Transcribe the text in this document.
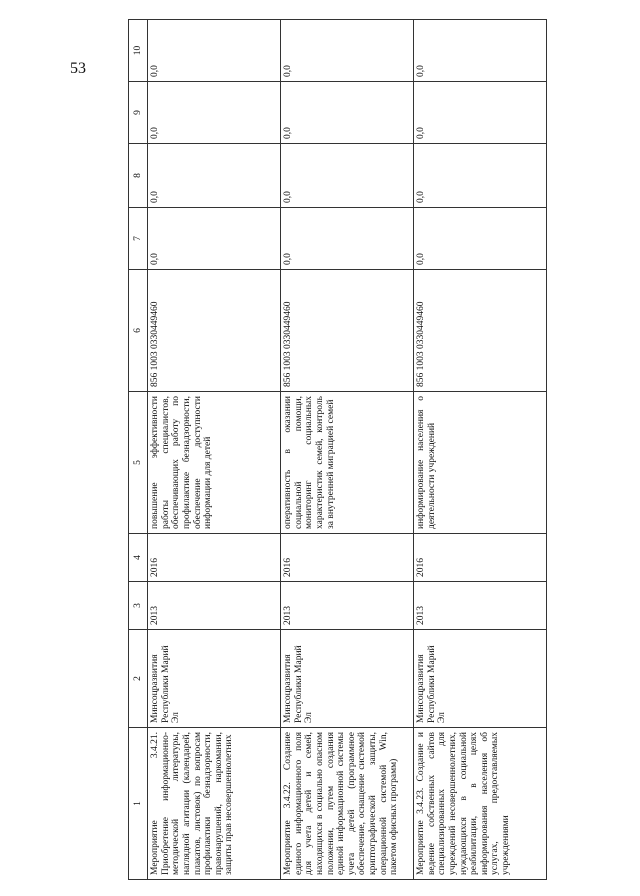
53
1	2	3	4	5	6	7	8	9	10
Мероприятие 3.4.21. Приобретение информационно-методической литературы, наглядной агитации (календарей, плакатов, листовок) по вопросам профилактики безнадзорности, правонарушений, наркомании, защиты прав несовершеннолетних	Минсоцразвития Республики Марий Эл	2013	2016	повышение эффективности работы специалистов, обеспечивающих работу по профилактике безнадзорности, обеспечение доступности информации для детей	856 1003 0330449460	0,0	0,0	0,0	0,0
Мероприятие 3.4.22. Создание единого информационного поля для учета детей и семей, находящихся в социально опасном положении, путем создания единой информационной системы учета детей (программное обеспечение, оснащение системой криптографической защиты, операционной системой Win, пакетом офисных программ)	Минсоцразвития Республики Марий Эл	2013	2016	оперативность в оказании социальной помощи, мониторинг социальных характеристик семей, контроль за внутренней миграцией семей	856 1003 0330449460	0,0	0,0	0,0	0,0
Мероприятие 3.4.23. Создание и ведение собственных сайтов специализированных для учреждений несовершеннолетних, нуждающихся в социальной реабилитации, в целях информирования населения об услугах, предоставляемых учреждениями	Минсоцразвития Республики Марий Эл	2013	2016	информирование населения о деятельности учреждений	856 1003 0330449460	0,0	0,0	0,0	0,0
